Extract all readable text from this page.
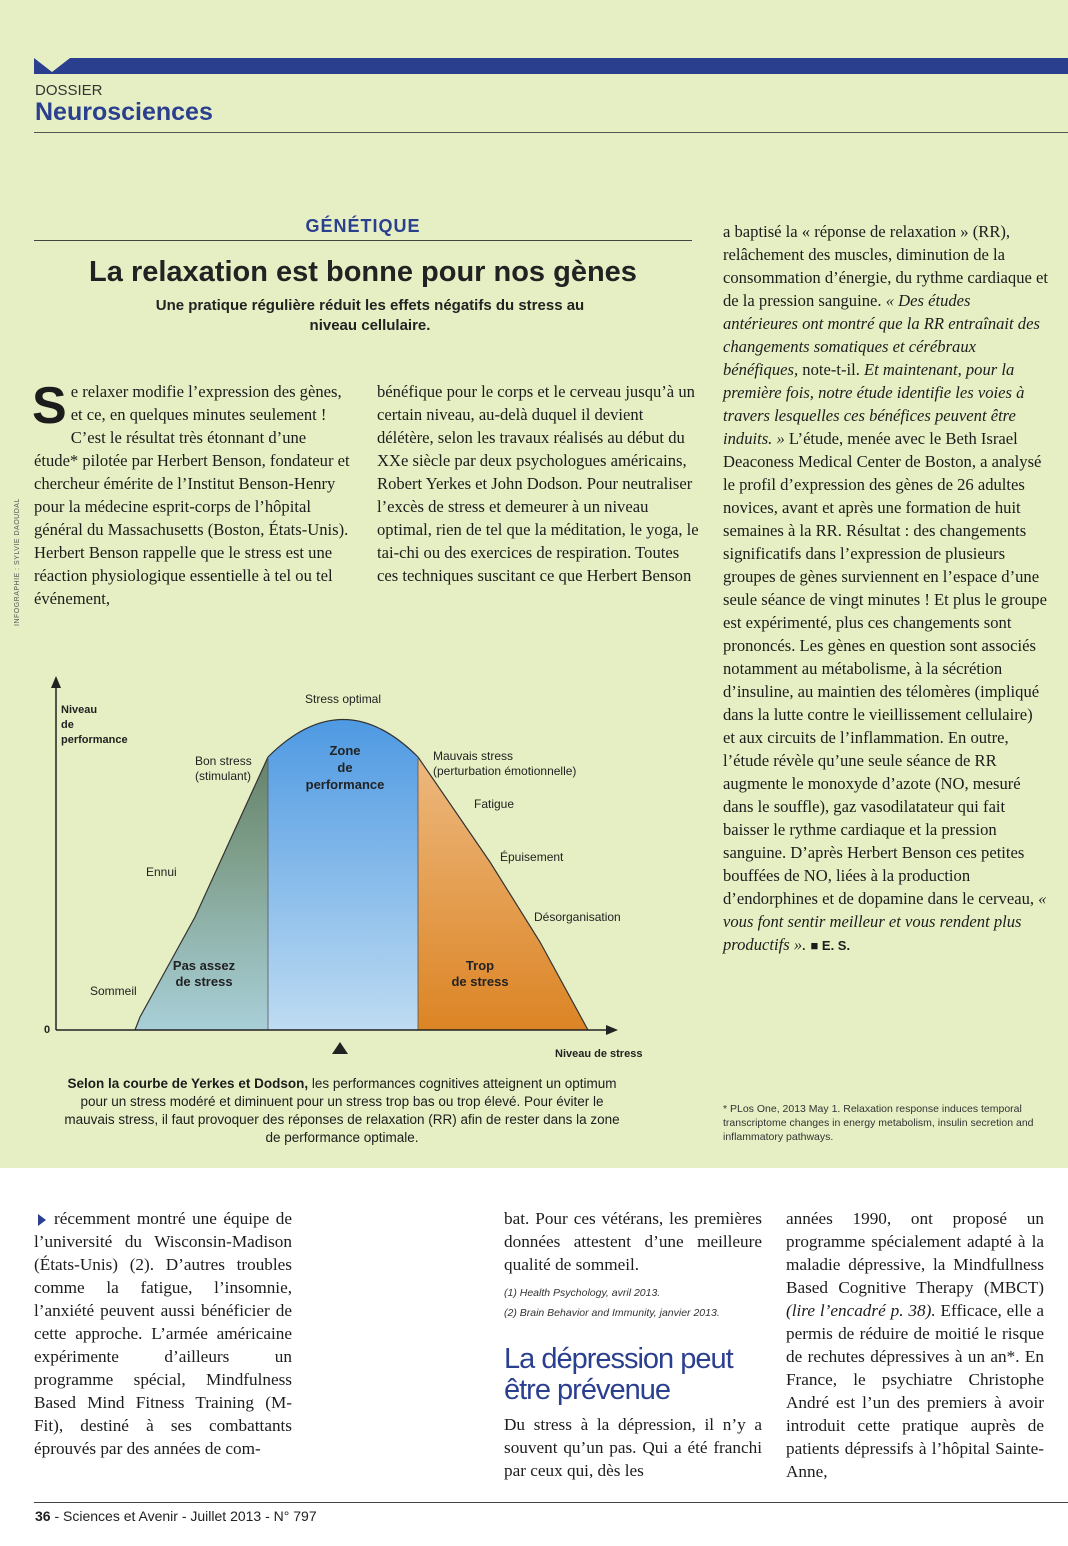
DOSSIER
Neurosciences
GÉNÉTIQUE
La relaxation est bonne pour nos gènes
Une pratique régulière réduit les effets négatifs du stress au niveau cellulaire.
INFOGRAPHIE : SYLVIE DAOUDAL

Se relaxer modifie l’expression des gènes, et ce, en quelques minutes seulement ! C’est le résultat très étonnant d’une étude* pilotée par Herbert Benson, fondateur et chercheur émérite de l’Institut Benson-Henry pour la médecine esprit-corps de l’hôpital général du Massachusetts (Boston, États-Unis). Herbert Benson rappelle que le stress est une réaction physiologique essentielle à tel ou tel événement,

bénéfique pour le corps et le cerveau jusqu’à un certain niveau, au-delà duquel il devient délétère, selon les travaux réalisés au début du XXe siècle par deux psychologues américains, Robert Yerkes et John Dodson. Pour neutraliser l’excès de stress et demeurer à un niveau optimal, rien de tel que la méditation, le yoga, le tai-chi ou des exercices de respiration. Toutes ces techniques suscitant ce que Herbert Benson

a baptisé la « réponse de relaxation » (RR), relâchement des muscles, diminution de la consommation d’énergie, du rythme cardiaque et de la pression sanguine. « Des études antérieures ont montré que la RR entraînait des changements somatiques et cérébraux bénéfiques, note-t-il. Et maintenant, pour la première fois, notre étude identifie les voies à travers lesquelles ces bénéfices peuvent être induits. » L’étude, menée avec le Beth Israel Deaconess Medical Center de Boston, a analysé le profil d’expression des gènes de 26 adultes novices, avant et après une formation de huit semaines à la RR. Résultat : des changements significatifs dans l’expression de plusieurs groupes de gènes surviennent en l’espace d’une seule séance de vingt minutes ! Et plus le groupe est expérimenté, plus ces changements sont prononcés. Les gènes en question sont associés notamment au métabolisme, à la sécrétion d’insuline, au maintien des télomères (impliqué dans la lutte contre le vieillissement cellulaire) et aux circuits de l’inflammation. En outre, l’étude révèle qu’une seule séance de RR augmente le monoxyde d’azote (NO, mesuré dans le souffle), gaz vasodilatateur qui fait baisser le rythme cardiaque et la pression sanguine. D’après Herbert Benson ces petites bouffées de NO, liées à la production d’endorphines et de dopamine dans le cerveau, « vous font sentir meilleur et vous rendent plus productifs ». ■ E. S.

* PLos One, 2013 May 1. Relaxation response induces temporal transcriptome changes in energy metabolism, insulin secretion and inflammatory pathways.
Niveau de performance
Niveau de stress
0
Stress optimal
Sommeil
Ennui
Bon stress
(stimulant)
Mauvais stress
(perturbation émotionnelle)
Fatigue
Épuisement
Désorganisation
Zone de performance
Pas assez de stress
Trop de stress
Selon la courbe de Yerkes et Dodson, les performances cognitives atteignent un optimum pour un stress modéré et diminuent pour un stress trop bas ou trop élevé. Pour éviter le mauvais stress, il faut provoquer des réponses de relaxation (RR) afin de rester dans la zone de performance optimale.

récemment montré une équipe de l’université du Wisconsin-Madison (États-Unis) (2). D’autres troubles comme la fatigue, l’insomnie, l’anxiété peuvent aussi bénéficier de cette approche. L’armée américaine expérimente d’ailleurs un programme spécial, Mindfulness Based Mind Fitness Training (M-Fit), destiné à ses combattants éprouvés par des années de com-

bat. Pour ces vétérans, les premières données attestent d’une meilleure qualité de sommeil.

(1) Health Psychology, avril 2013.
(2) Brain Behavior and Immunity, janvier 2013.
La dépression peut être prévenue

Du stress à la dépression, il n’y a souvent qu’un pas. Qui a été franchi par ceux qui, dès les

années 1990, ont proposé un programme spécialement adapté à la maladie dépressive, la Mindfullness Based Cognitive Therapy (MBCT) (lire l’encadré p. 38). Efficace, elle a permis de réduire de moitié le risque de rechutes dépressives à un an*. En France, le psychiatre Christophe André est l’un des premiers à avoir introduit cette pratique auprès de patients dépressifs à l’hôpital Sainte-Anne,

36 - Sciences et Avenir - Juillet 2013 - N° 797
